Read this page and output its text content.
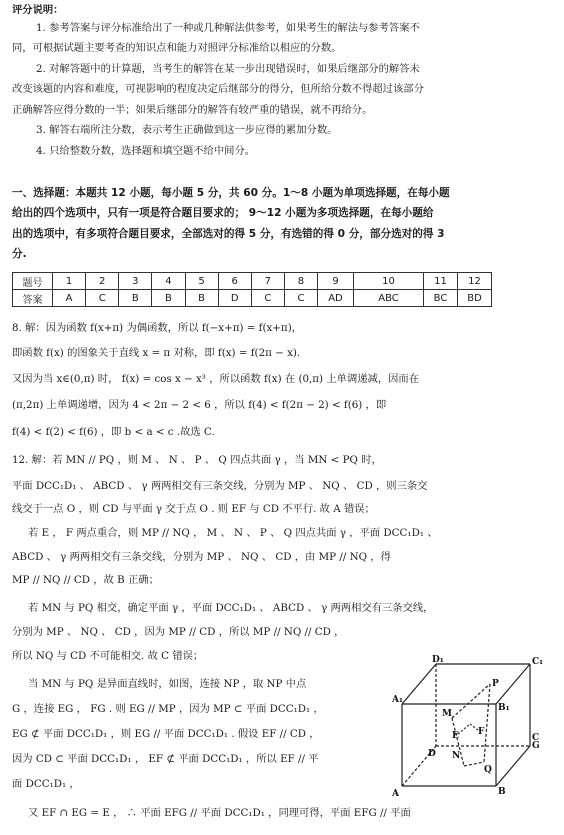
评分说明：
1. 参考答案与评分标准给出了一种或几种解法供参考，如果考生的解法与参考答案不
同，可根据试题主要考查的知识点和能力对照评分标准给以相应的分数。
2. 对解答题中的计算题，当考生的解答在某一步出现错误时，如果后继部分的解答未
改变该题的内容和难度，可视影响的程度决定后继部分的得分，但所给分数不得超过该部分
正确解答应得分数的一半；如果后继部分的解答有较严重的错误，就不再给分。
3. 解答右端所注分数，表示考生正确做到这一步应得的累加分数。
4. 只给整数分数，选择题和填空题不给中间分。
一、选择题：本题共 12 小题，每小题 5 分，共 60 分。1～8 小题为单项选择题，在每小题
给出的四个选项中，只有一项是符合题目要求的； 9～12 小题为多项选择题，在每小题给
出的选项中，有多项符合题目要求，全部选对的得 5 分，有选错的得 0 分，部分选对的得 3
分.
题号	1	2	3	4	5	6	7	8	9	10	11	12
答案	A	C	B	B	B	D	C	C	AD	ABC	BC	BD
8. 解：因为函数 f(x+π) 为偶函数，所以 f(−x+π) = f(x+π)，
即函数 f(x) 的图象关于直线 x = π 对称，即 f(x) = f(2π − x).
又因为当 x∈(0,π) 时， f(x) = cos x − x³ ，所以函数 f(x) 在 (0,π) 上单调递减，因而在
(π,2π) 上单调递增，因为 4 < 2π − 2 < 6 ，所以 f(4) < f(2π − 2) < f(6) ，即
f(4) < f(2) < f(6) ，即 b < a < c .故选 C.
12. 解：若 MN // PQ ，则 M 、 N 、 P 、 Q 四点共面 γ ，当 MN < PQ 时，
平面 DCC₁D₁ 、 ABCD 、 γ 两两相交有三条交线，分别为 MP 、 NQ 、 CD ，则三条交
线交于一点 O ，则 CD 与平面 γ 交于点 O . 则 EF 与 CD 不平行. 故 A 错误；
若 E ， F 两点重合，则 MP // NQ ， M 、 N 、 P 、 Q 四点共面 γ ，平面 DCC₁D₁ 、
ABCD 、 γ 两两相交有三条交线，分别为 MP 、 NQ 、 CD ，由 MP // NQ ，得
MP // NQ // CD ，故 B 正确；
若 MN 与 PQ 相交，确定平面 γ ，平面 DCC₁D₁ 、 ABCD 、 γ 两两相交有三条交线，
分别为 MP 、 NQ 、 CD ，因为 MP // CD ，所以 MP // NQ // CD ，
所以 NQ 与 CD 不可能相交. 故 C 错误；
当 MN 与 PQ 是异面直线时，如图，连接 NP ，取 NP 中点
G ，连接 EG ， FG . 则 EG // MP ，因为 MP ⊂ 平面 DCC₁D₁ ，
EG ⊄ 平面 DCC₁D₁ ，则 EG // 平面 DCC₁D₁ . 假设 EF // CD ，
因为 CD ⊂ 平面 DCC₁D₁ ， EF ⊄ 平面 DCC₁D₁ ，所以 EF // 平
面 DCC₁D₁ ，
又 EF ∩ EG = E ， ∴ 平面 EFG // 平面 DCC₁D₁ ，同理可得，平面 EFG // 平面
D₁	C₁
A₁
B₁
M
P
E
G
F
N
D
C
A	B
Q
